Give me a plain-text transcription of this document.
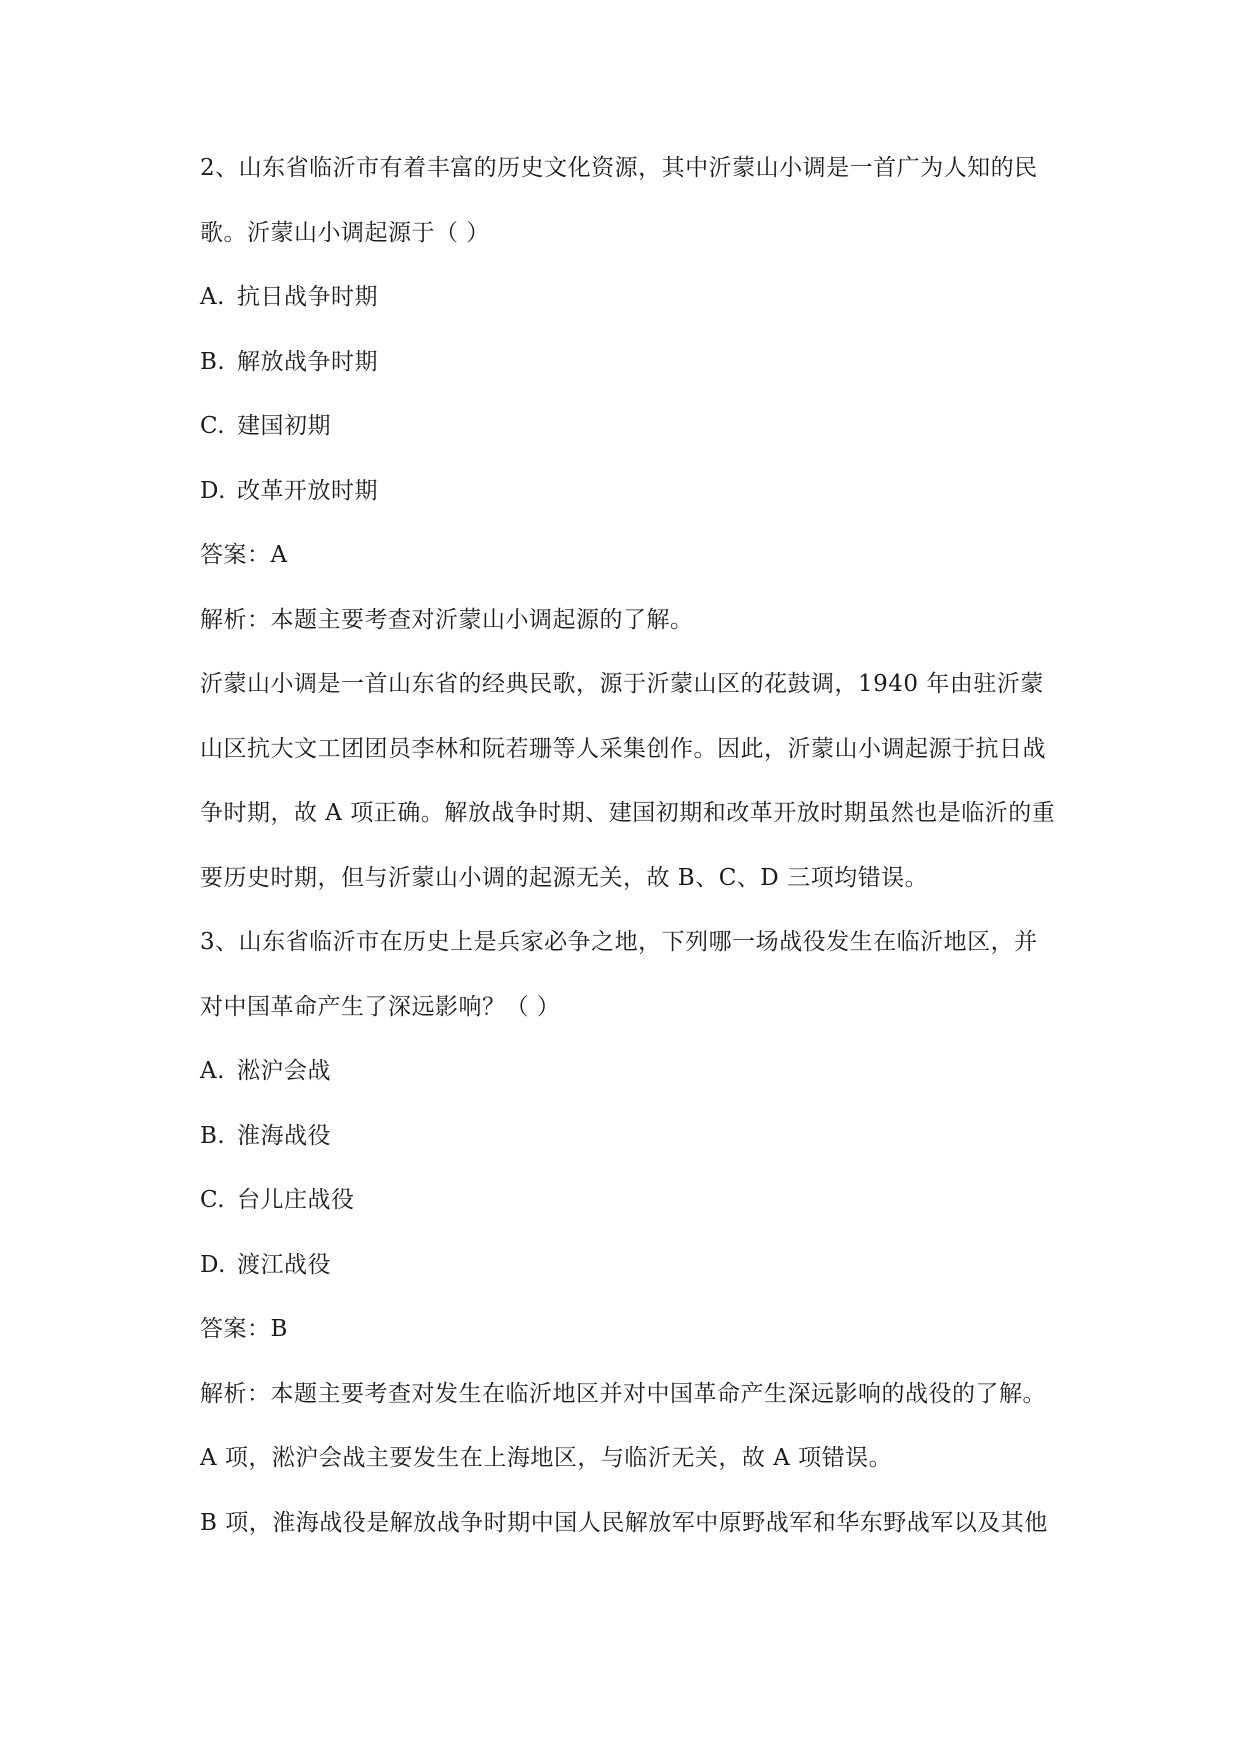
2、山东省临沂市有着丰富的历史文化资源，其中沂蒙山小调是一首广为人知的民
歌。沂蒙山小调起源于（ ）
A. 抗日战争时期
B. 解放战争时期
C. 建国初期
D. 改革开放时期
答案：A
解析：本题主要考查对沂蒙山小调起源的了解。
沂蒙山小调是一首山东省的经典民歌，源于沂蒙山区的花鼓调，1940 年由驻沂蒙
山区抗大文工团团员李林和阮若珊等人采集创作。因此，沂蒙山小调起源于抗日战
争时期，故 A 项正确。解放战争时期、建国初期和改革开放时期虽然也是临沂的重
要历史时期，但与沂蒙山小调的起源无关，故 B、C、D 三项均错误。
3、山东省临沂市在历史上是兵家必争之地，下列哪一场战役发生在临沂地区，并
对中国革命产生了深远影响？（ ）
A. 淞沪会战
B. 淮海战役
C. 台儿庄战役
D. 渡江战役
答案：B
解析：本题主要考查对发生在临沂地区并对中国革命产生深远影响的战役的了解。
A 项，淞沪会战主要发生在上海地区，与临沂无关，故 A 项错误。
B 项，淮海战役是解放战争时期中国人民解放军中原野战军和华东野战军以及其他
